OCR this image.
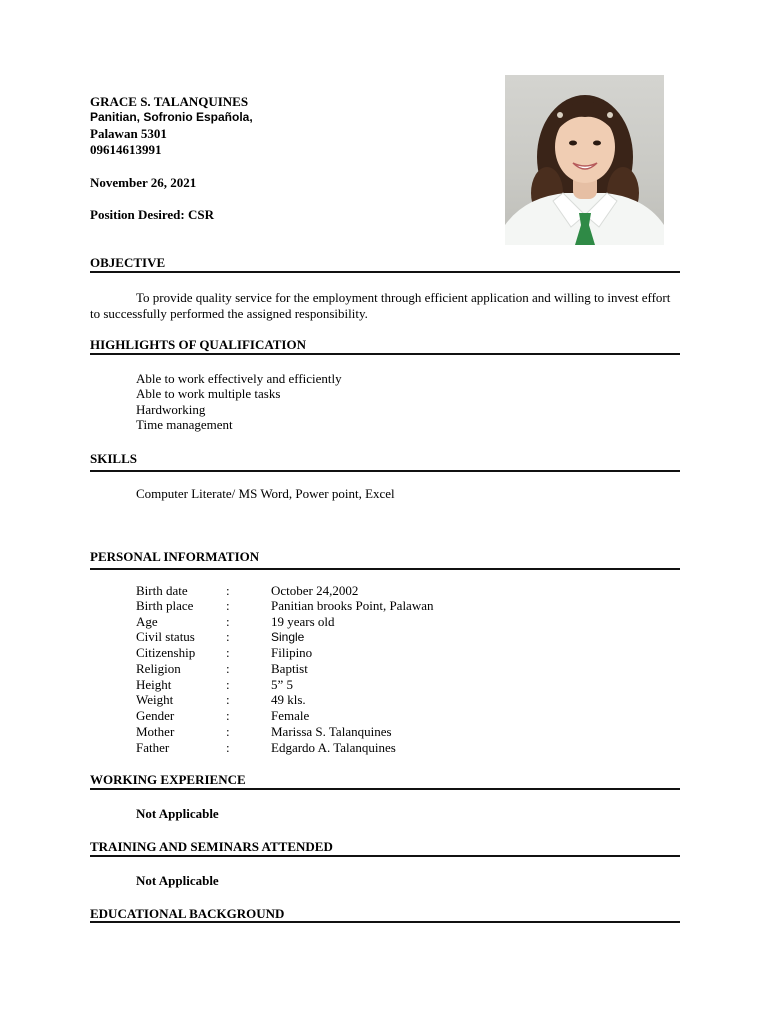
GRACE S. TALANQUINES
Panitian, Sofronio Española,
Palawan 5301
09614613991
November 26, 2021
Position Desired: CSR
OBJECTIVE
To provide quality service for the employment through efficient application and willing to invest effort to successfully performed the assigned responsibility.
HIGHLIGHTS OF QUALIFICATION
Able to work effectively and efficiently
Able to work multiple tasks
Hardworking
Time management
SKILLS
Computer Literate/ MS Word, Power point, Excel
PERSONAL INFORMATION
Birth date	:	October 24,2002
Birth place	:	Panitian brooks Point, Palawan
Age	:	19 years old
Civil status	:	Single
Citizenship	:	Filipino
Religion	:	Baptist
Height	:	5” 5
Weight	:	49 kls.
Gender	:	Female
Mother	:	Marissa S. Talanquines
Father	:	Edgardo A. Talanquines
WORKING EXPERIENCE
Not Applicable
TRAINING AND SEMINARS ATTENDED
Not Applicable
EDUCATIONAL BACKGROUND
